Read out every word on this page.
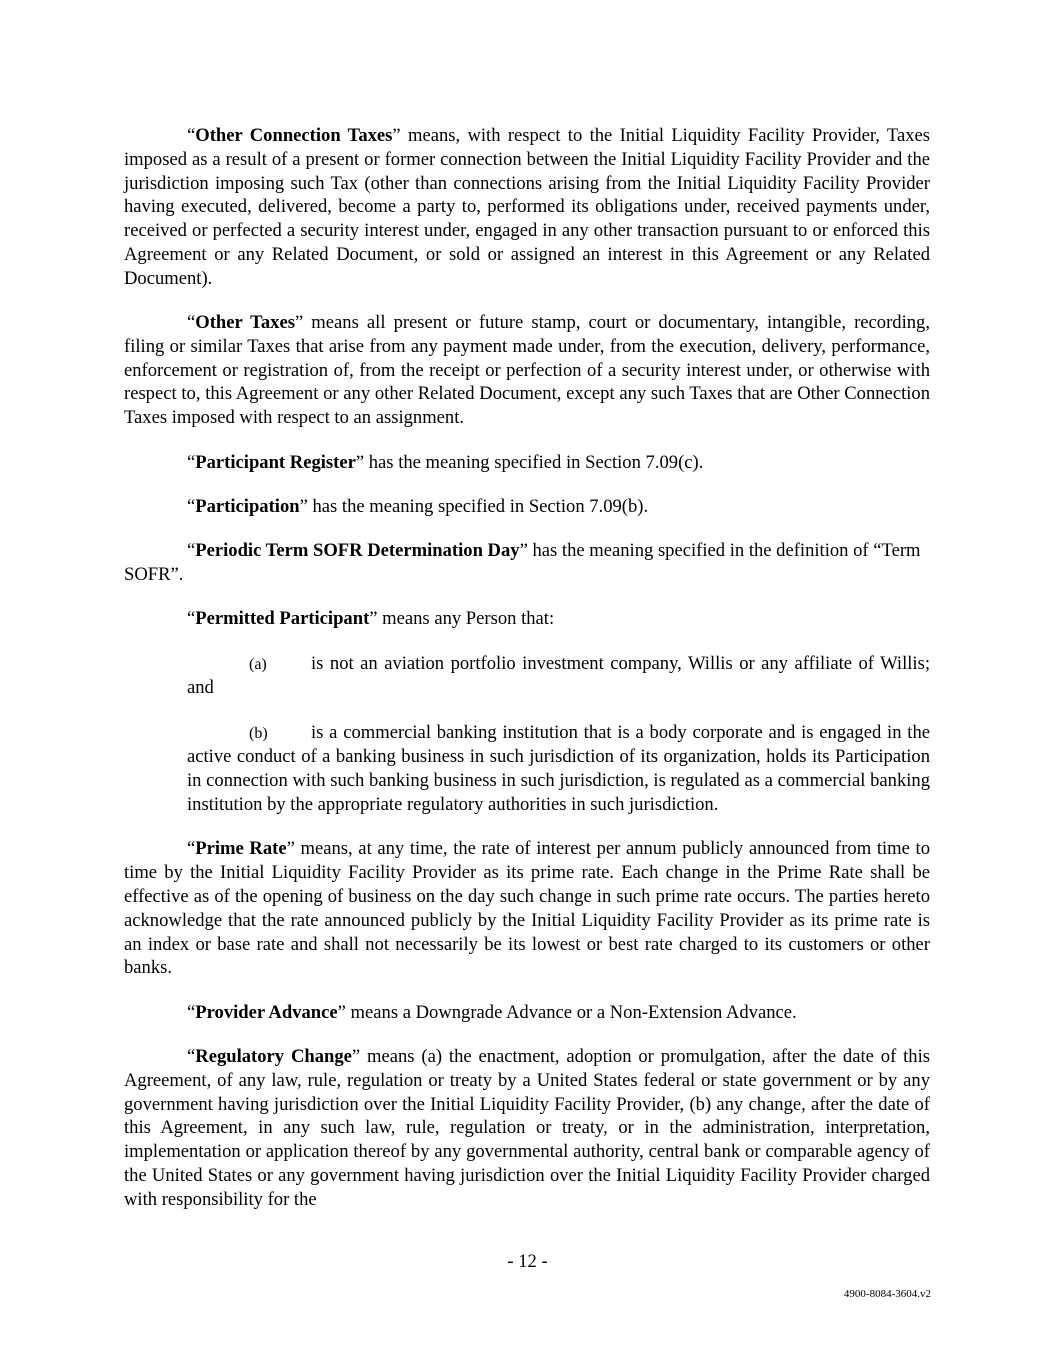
“Other Connection Taxes” means, with respect to the Initial Liquidity Facility Provider, Taxes imposed as a result of a present or former connection between the Initial Liquidity Facility Provider and the jurisdiction imposing such Tax (other than connections arising from the Initial Liquidity Facility Provider having executed, delivered, become a party to, performed its obligations under, received payments under, received or perfected a security interest under, engaged in any other transaction pursuant to or enforced this Agreement or any Related Document, or sold or assigned an interest in this Agreement or any Related Document).

“Other Taxes” means all present or future stamp, court or documentary, intangible, recording, filing or similar Taxes that arise from any payment made under, from the execution, delivery, performance, enforcement or registration of, from the receipt or perfection of a security interest under, or otherwise with respect to, this Agreement or any other Related Document, except any such Taxes that are Other Connection Taxes imposed with respect to an assignment.

“Participant Register” has the meaning specified in Section 7.09(c).

“Participation” has the meaning specified in Section 7.09(b).

“Periodic Term SOFR Determination Day” has the meaning specified in the definition of “Term SOFR”.

“Permitted Participant” means any Person that:

(a) is not an aviation portfolio investment company, Willis or any affiliate of Willis; and

(b) is a commercial banking institution that is a body corporate and is engaged in the active conduct of a banking business in such jurisdiction of its organization, holds its Participation in connection with such banking business in such jurisdiction, is regulated as a commercial banking institution by the appropriate regulatory authorities in such jurisdiction.

“Prime Rate” means, at any time, the rate of interest per annum publicly announced from time to time by the Initial Liquidity Facility Provider as its prime rate. Each change in the Prime Rate shall be effective as of the opening of business on the day such change in such prime rate occurs. The parties hereto acknowledge that the rate announced publicly by the Initial Liquidity Facility Provider as its prime rate is an index or base rate and shall not necessarily be its lowest or best rate charged to its customers or other banks.

“Provider Advance” means a Downgrade Advance or a Non-Extension Advance.

“Regulatory Change” means (a) the enactment, adoption or promulgation, after the date of this Agreement, of any law, rule, regulation or treaty by a United States federal or state government or by any government having jurisdiction over the Initial Liquidity Facility Provider, (b) any change, after the date of this Agreement, in any such law, rule, regulation or treaty, or in the administration, interpretation, implementation or application thereof by any governmental authority, central bank or comparable agency of the United States or any government having jurisdiction over the Initial Liquidity Facility Provider charged with responsibility for the

- 12 -
4900-8084-3604.v2
